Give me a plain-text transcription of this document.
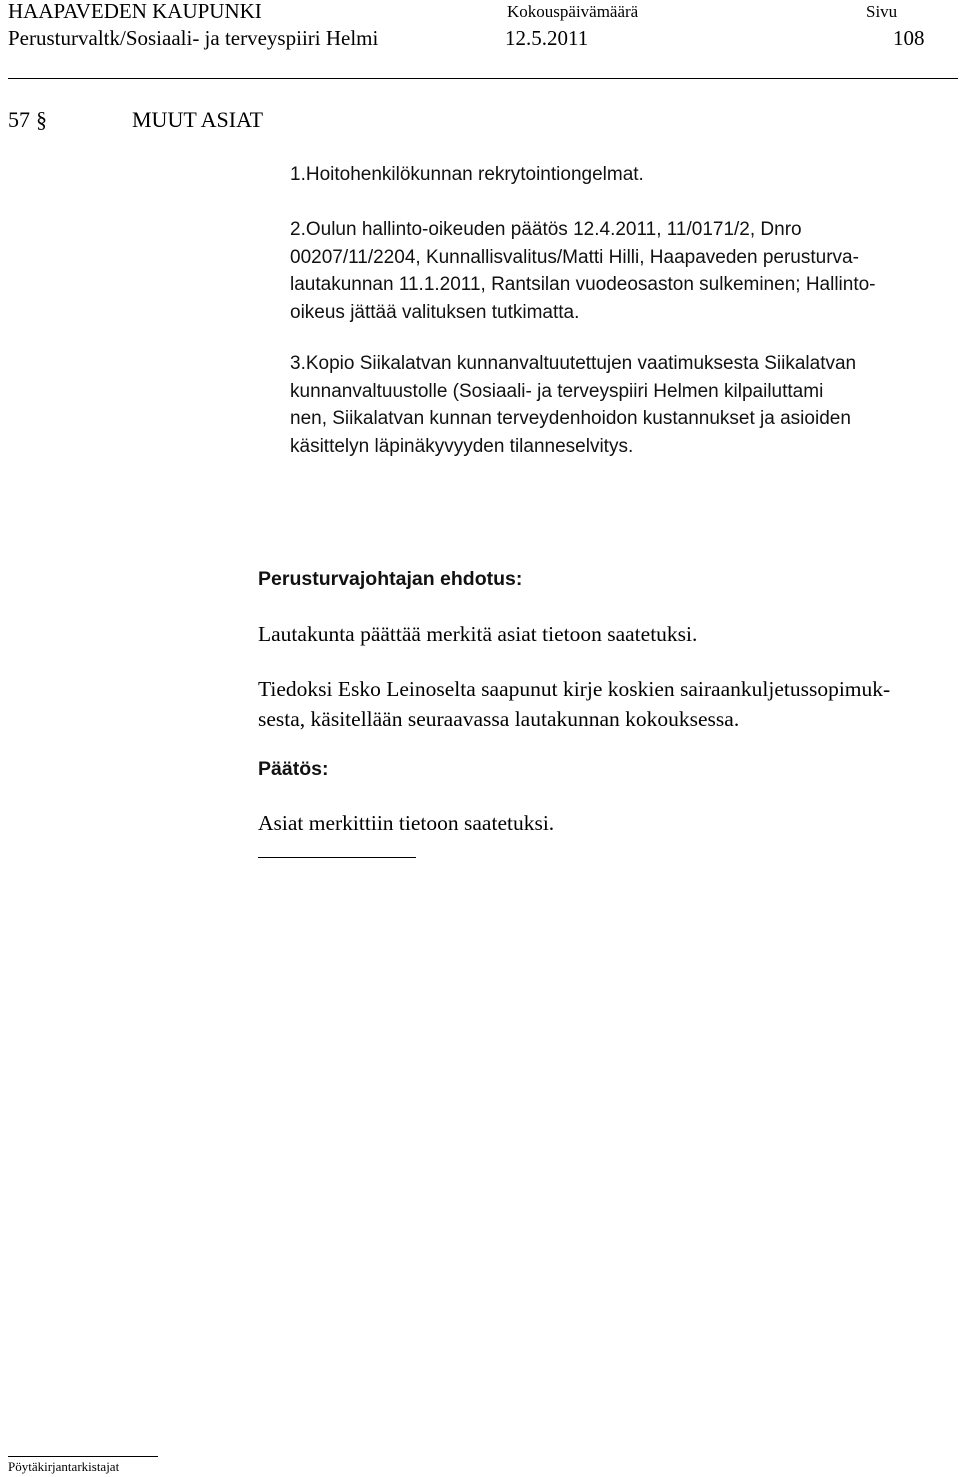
HAAPAVEDEN KAUPUNKI	Kokouspäivämäärä	Sivu
Perusturvaltk/Sosiaali- ja terveyspiiri Helmi	12.5.2011	108
57 §	MUUT ASIAT
1.Hoitohenkilökunnan rekrytointiongelmat.
2.Oulun hallinto-oikeuden päätös 12.4.2011, 11/0171/2, Dnro
00207/11/2204, Kunnallisvalitus/Matti Hilli, Haapaveden perusturva-
lautakunnan 11.1.2011, Rantsilan vuodeosaston sulkeminen; Hallinto-
oikeus jättää valituksen tutkimatta.
3.Kopio Siikalatvan kunnanvaltuutettujen vaatimuksesta Siikalatvan
kunnanvaltuustolle (Sosiaali- ja terveyspiiri Helmen kilpailuttami
nen, Siikalatvan kunnan terveydenhoidon kustannukset ja asioiden
käsittelyn läpinäkyvyyden tilanneselvitys.
Perusturvajohtajan ehdotus:
Lautakunta päättää merkitä asiat tietoon saatetuksi.
Tiedoksi Esko Leinoselta saapunut kirje koskien sairaankuljetussopimuk-
sesta, käsitellään seuraavassa lautakunnan kokouksessa.
Päätös:
Asiat merkittiin tietoon saatetuksi.
Pöytäkirjantarkistajat
